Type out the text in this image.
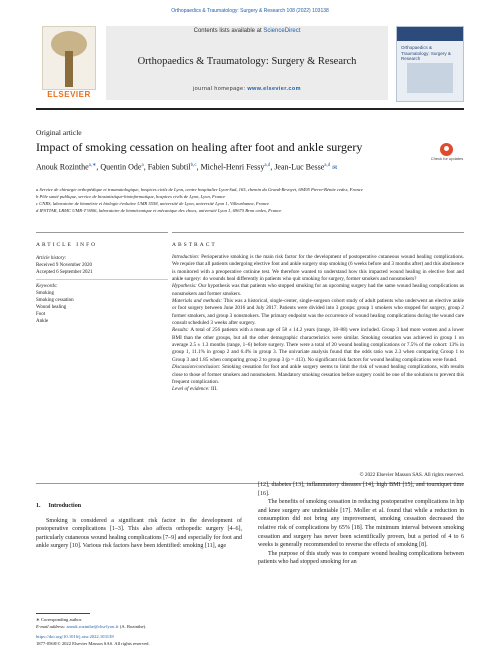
Orthopaedics & Traumatology: Surgery & Research 108 (2022) 103138
ELSEVIER
Contents lists available at ScienceDirect
Orthopaedics & Traumatology: Surgery & Research
journal homepage: www.elsevier.com
Orthopaedics & Traumatology: Surgery & Research
Original article
Impact of smoking cessation on healing after foot and ankle surgery
Check for updates
Anouk Rozinthe$^{a,∗}$, Quentin Ode$^a$, Fabien Subtil$^{b,c}$, Michel-Henri Fessy$^{a,d}$, Jean-Luc Besse$^{a,d}$ ✉
a Service de chirurgie orthopédique et traumatologique, hospices civils de Lyon, centre hospitalier Lyon-Sud, 165, chemin du Grand-Revoyet, 69495 Pierre-Bénite cedex, France
b Pôle santé publique, service de biostatistique-bioinformatique, hospices civils de Lyon, Lyon, France
c CNRS, laboratoire de biométrie et biologie évolutive UMR 5558, université de Lyon, université Lyon 1, Villeurbanne, France
d IFSTTAR, LBMC UMR-T 9406, laboratoire de biomécanique et mécanique des chocs, université Lyon 1, 69675 Bron cedex, France
ARTICLE INFO	ABSTRACT
Article history:
Received 9 November 2020
Accepted 6 September 2021
Keywords:
Smoking
Smoking cessation
Wound healing
Foot
Ankle

Introduction: Perioperative smoking is the main risk factor for the development of postoperative cutaneous wound healing complications. We require that all patients undergoing elective foot and ankle surgery stop smoking (6 weeks before and 3 months after) and this abstinence is monitored with a preoperative cotinine test. We therefore wanted to understand how this impacted wound healing in elective foot and ankle surgery: do wounds heal differently in patients who quit smoking for surgery, former smokers and nonsmokers?

Hypothesis: Our hypothesis was that patients who stopped smoking for an upcoming surgery had the same wound healing complications as nonsmokers and former smokers.

Materials and methods: This was a historical, single-center, single-surgeon cohort study of adult patients who underwent an elective ankle or foot surgery between June 2016 and July 2017. Patients were divided into 3 groups: group 1 smokers who stopped for surgery, group 2 former smokers, and group 3 nonsmokers. The primary endpoint was the occurrence of wound healing complications during the wound care consult scheduled 3 weeks after surgery.

Results: A total of 256 patients with a mean age of 58 ± 14.2 years (range, 18–88) were included. Group 3 had more women and a lower BMI than the other groups, but all the other demographic characteristics were similar. Smoking cessation was achieved in group 1 on average 2.5 ± 1.3 months (range, 1–6) before surgery. There were a total of 20 wound healing complications or 7.5% of the cohort: 13% in group 1, 11.1% in group 2 and 6.4% in group 3. The univariate analysis found that the odds ratio was 2.3 when comparing Group 1 to Group 3 and 1.85 when comparing group 2 to group 3 (p = 413). No significant risk factors for wound healing complications were found.

Discussion/conclusion: Smoking cessation for foot and ankle surgery seems to limit the risk of wound healing complications, with results close to those of former smokers and nonsmokers. Mandatory smoking cessation before surgery could be one of the solutions to prevent this frequent complication.

Level of evidence: III.

© 2022 Elsevier Masson SAS. All rights reserved.
1. Introduction

Smoking is considered a significant risk factor in the development of postoperative complications [1–3]. This also affects orthopedic surgery [4–6], particularly cutaneous wound healing complications [7–9] and especially for foot and ankle surgery [10]. Various risk factors have been identified: smoking [11], age

[12], diabetes [13], inflammatory diseases [14], high BMI [15], and tourniquet time [16].

The benefits of smoking cessation in reducing postoperative complications in hip and knee surgery are undeniable [17]. Moller et al. found that while a reduction in consumption did not bring any improvement, smoking cessation decreased the relative risk of complications by 65% [18]. The minimum interval between smoking cessation and surgery has never been scientifically proven, but a period of 4 to 6 weeks is generally recommended to reverse the effects of smoking [8].

The purpose of this study was to compare wound healing complications between patients who had stopped smoking for an

∗ Corresponding author.
E-mail address: anouk.rozinthe@chu-lyon.fr (A. Rozinthe).
https://doi.org/10.1016/j.otsr.2022.103138
1877-0568/© 2022 Elsevier Masson SAS. All rights reserved.
